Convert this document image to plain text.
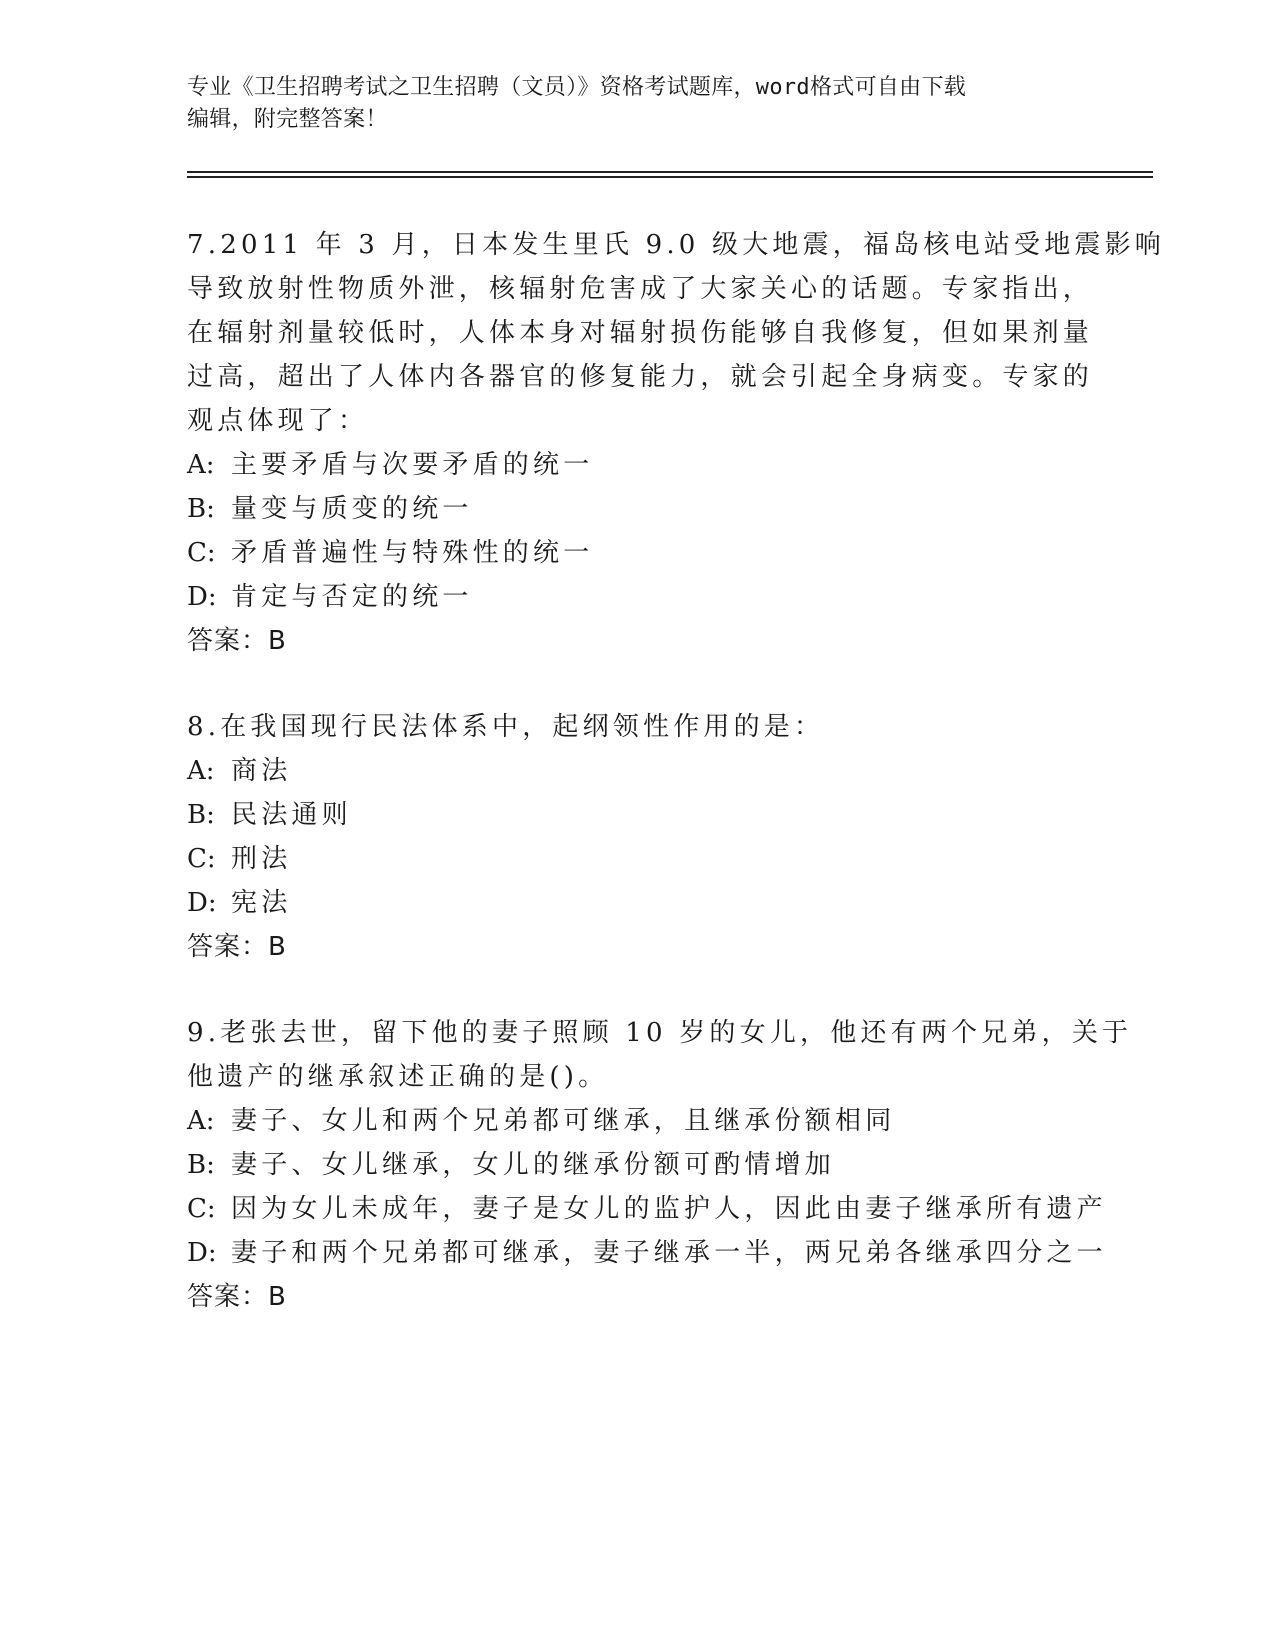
专业《卫生招聘考试之卫生招聘（文员）》资格考试题库，word格式可自由下载
编辑，附完整答案！
7.2011 年 3 月，日本发生里氏 9.0 级大地震，福岛核电站受地震影响
导致放射性物质外泄，核辐射危害成了大家关心的话题。专家指出，
在辐射剂量较低时，人体本身对辐射损伤能够自我修复，但如果剂量
过高，超出了人体内各器官的修复能力，就会引起全身病变。专家的
观点体现了：
A: 主要矛盾与次要矛盾的统一
B: 量变与质变的统一
C: 矛盾普遍性与特殊性的统一
D: 肯定与否定的统一
答案：B
8.在我国现行民法体系中，起纲领性作用的是：
A: 商法
B: 民法通则
C: 刑法
D: 宪法
答案：B
9.老张去世，留下他的妻子照顾 10 岁的女儿，他还有两个兄弟，关于
他遗产的继承叙述正确的是()。
A: 妻子、女儿和两个兄弟都可继承，且继承份额相同
B: 妻子、女儿继承，女儿的继承份额可酌情增加
C: 因为女儿未成年，妻子是女儿的监护人，因此由妻子继承所有遗产
D: 妻子和两个兄弟都可继承，妻子继承一半，两兄弟各继承四分之一
答案：B
